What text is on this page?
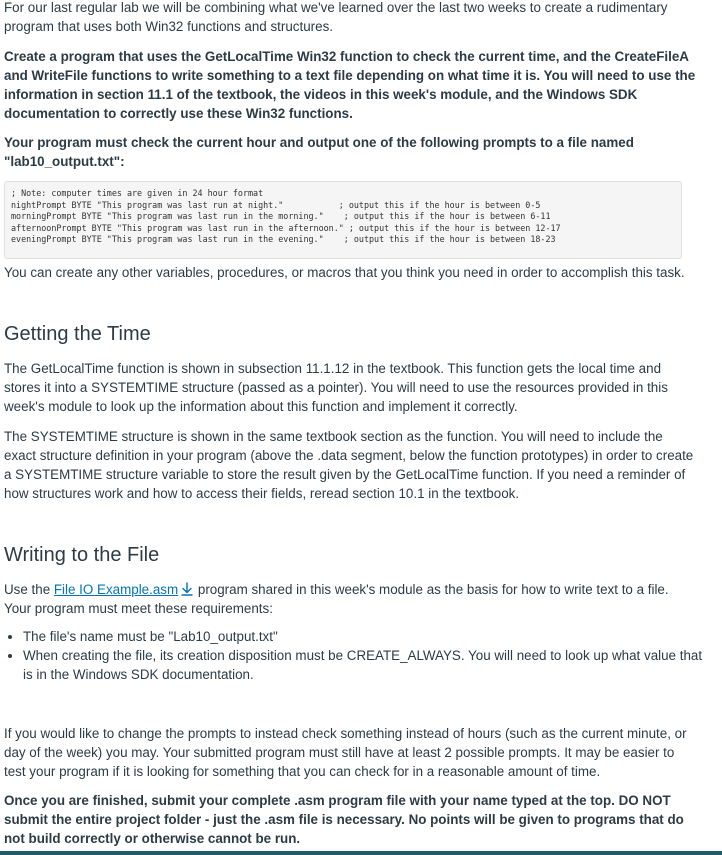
For our last regular lab we will be combining what we've learned over the last two weeks to create a rudimentary program that uses both Win32 functions and structures.

Create a program that uses the GetLocalTime Win32 function to check the current time, and the CreateFileA and WriteFile functions to write something to a text file depending on what time it is. You will need to use the information in section 11.1 of the textbook, the videos in this week's module, and the Windows SDK documentation to correctly use these Win32 functions.

Your program must check the current hour and output one of the following prompts to a file named "lab10_output.txt":

; Note: computer times are given in 24 hour format
nightPrompt BYTE "This program was last run at night."           ; output this if the hour is between 0-5
morningPrompt BYTE "This program was last run in the morning."    ; output this if the hour is between 6-11
afternoonPrompt BYTE "This program was last run in the afternoon." ; output this if the hour is between 12-17
eveningPrompt BYTE "This program was last run in the evening."    ; output this if the hour is between 18-23

You can create any other variables, procedures, or macros that you think you need in order to accomplish this task.

Getting the Time

The GetLocalTime function is shown in subsection 11.1.12 in the textbook. This function gets the local time and stores it into a SYSTEMTIME structure (passed as a pointer). You will need to use the resources provided in this week's module to look up the information about this function and implement it correctly.

The SYSTEMTIME structure is shown in the same textbook section as the function. You will need to include the exact structure definition in your program (above the .data segment, below the function prototypes) in order to create a SYSTEMTIME structure variable to store the result given by the GetLocalTime function. If you need a reminder of how structures work and how to access their fields, reread section 10.1 in the textbook.

Writing to the File

Use the File IO Example.asm program shared in this week's module as the basis for how to write text to a file. Your program must meet these requirements:

• The file's name must be "Lab10_output.txt"
• When creating the file, its creation disposition must be CREATE_ALWAYS. You will need to look up what value that is in the Windows SDK documentation.

If you would like to change the prompts to instead check something instead of hours (such as the current minute, or day of the week) you may. Your submitted program must still have at least 2 possible prompts. It may be easier to test your program if it is looking for something that you can check for in a reasonable amount of time.

Once you are finished, submit your complete .asm program file with your name typed at the top. DO NOT submit the entire project folder - just the .asm file is necessary. No points will be given to programs that do not build correctly or otherwise cannot be run.
